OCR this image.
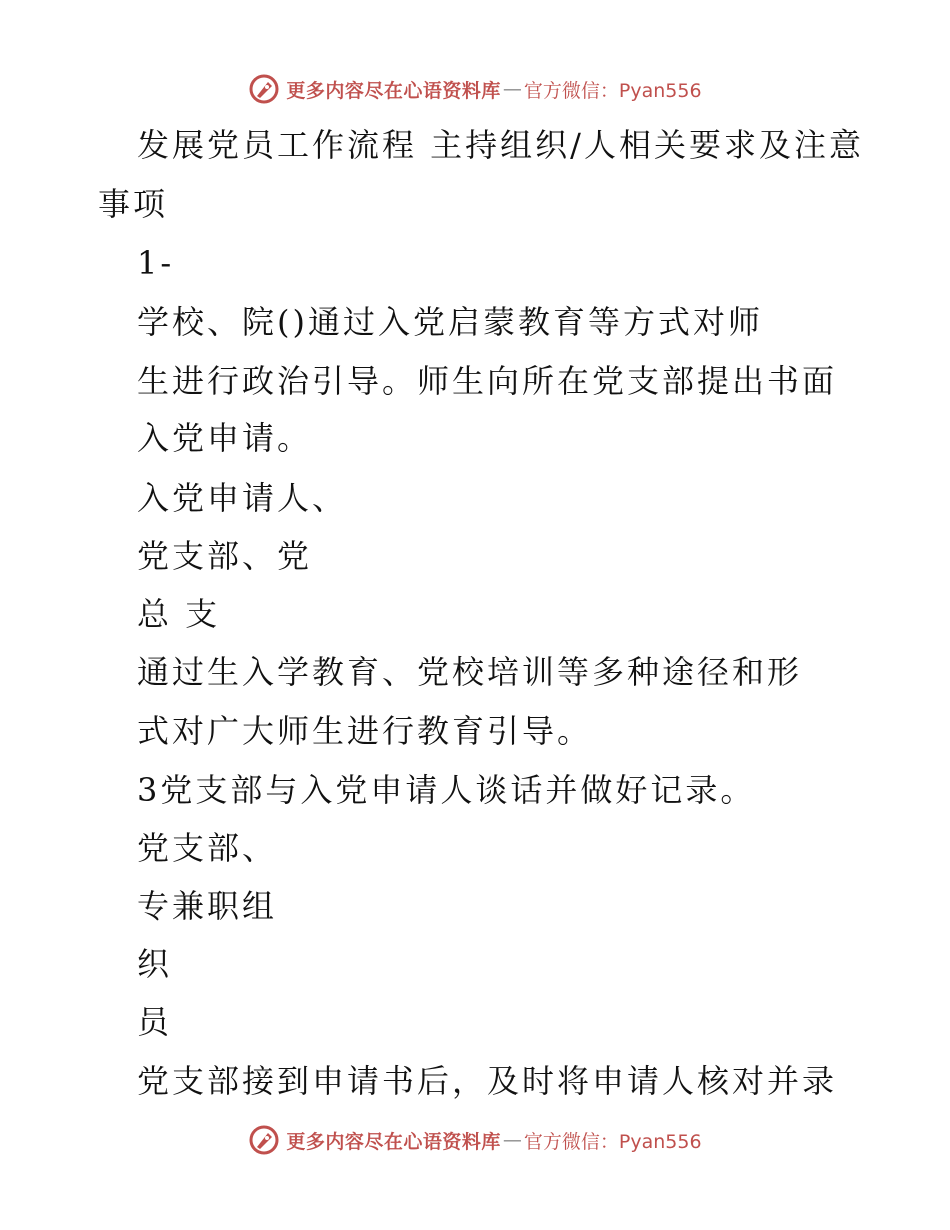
更多内容尽在心语资料库 — 官方微信：Pyan556
发展党员工作流程 主持组织/人相关要求及注意
事项
1-
学校、院()通过入党启蒙教育等方式对师
生进行政治引导。师生向所在党支部提出书面
入党申请。
入党申请人、
党支部、党
总 支
通过生入学教育、党校培训等多种途径和形
式对广大师生进行教育引导。
3党支部与入党申请人谈话并做好记录。
党支部、
专兼职组
织
员
党支部接到申请书后，及时将申请人核对并录
更多内容尽在心语资料库 — 官方微信：Pyan556
